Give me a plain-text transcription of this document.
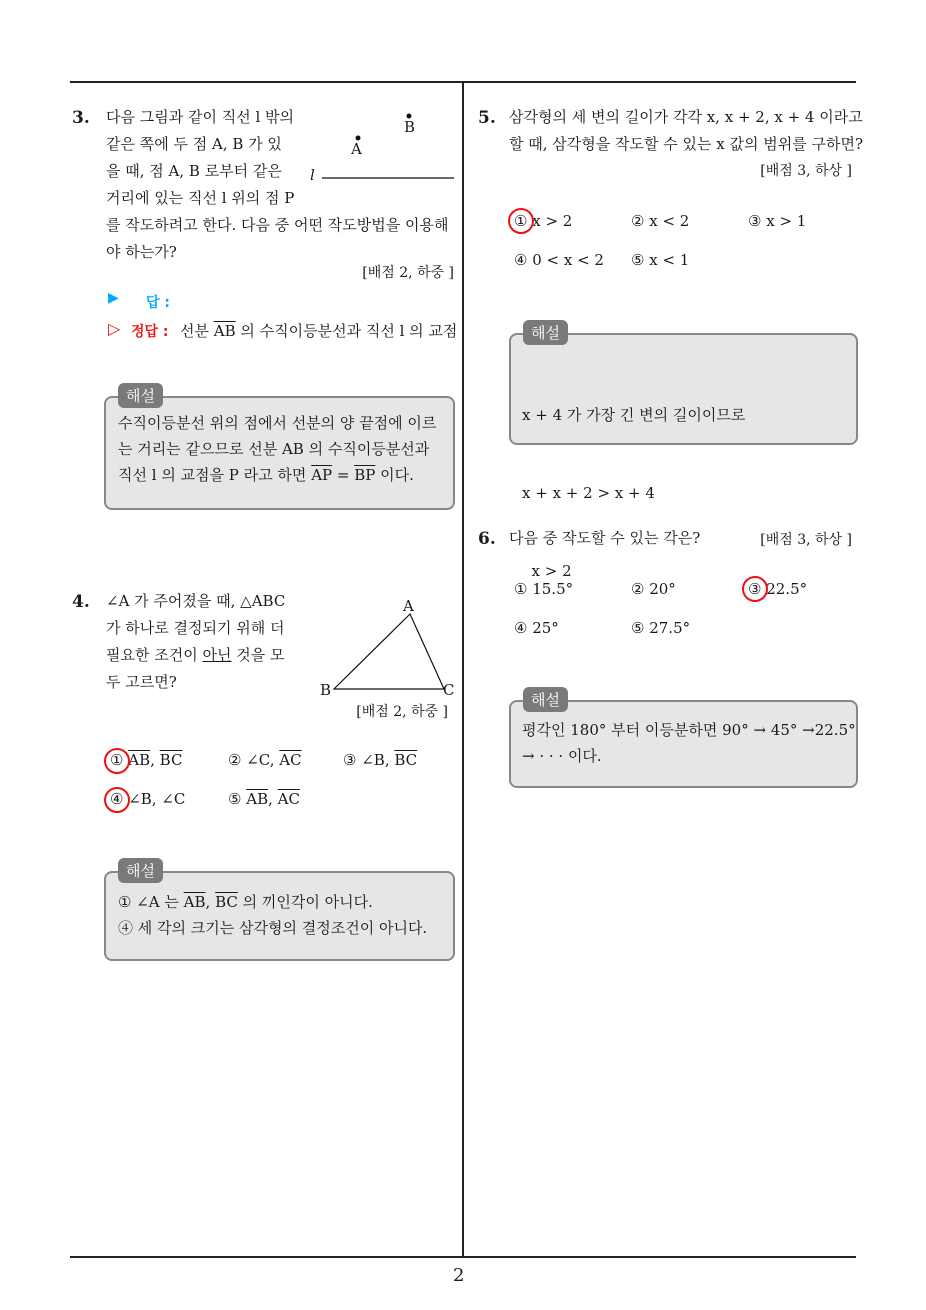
3. 다음 그림과 같이 직선 l 밖의
같은 쪽에 두 점 A, B 가 있
을 때, 점 A, B 로부터 같은
거리에 있는 직선 l 위의 점 P
를 작도하려고 한다. 다음 중 어떤 작도방법을 이용해
야 하는가?
B
A
l
[배점 2, 하중 ]
▶ 답 :
▷ 정답 : 선분 $\overline{AB}$ 의 수직이등분선과 직선 l 의 교점
해설
수직이등분선 위의 점에서 선분의 양 끝점에 이르
는 거리는 같으므로 선분 AB 의 수직이등분선과
직선 l 의 교점을 P 라고 하면 $\overline{AP} = \overline{BP}$ 이다.
4. ∠A 가 주어졌을 때, △ABC
가 하나로 결정되기 위해 더
필요한 조건이 아닌 것을 모
두 고르면?
A
B	C
[배점 2, 하중 ]
① $\overline{AB}$, $\overline{BC}$	② ∠C, $\overline{AC}$	③ ∠B, $\overline{BC}$
④ ∠B, ∠C	⑤ $\overline{AB}$, $\overline{AC}$
해설
① ∠A 는 $\overline{AB}$, $\overline{BC}$ 의 끼인각이 아니다.
④ 세 각의 크기는 삼각형의 결정조건이 아니다.
5. 삼각형의 세 변의 길이가 각각 x, x + 2, x + 4 이라고
할 때, 삼각형을 작도할 수 있는 x 값의 범위를 구하면?
[배점 3, 하상 ]
① x > 2	② x < 2	③ x > 1
④ 0 < x < 2 ⑤ x < 1
해설

x + 4 가 가장 긴 변의 길이이므로

x + x + 2 > x + 4

x > 2

6. 다음 중 작도할 수 있는 각은?	[배점 3, 하상 ]
① 15.5°	② 20°	③ 22.5°
④ 25°	⑤ 27.5°
해설
평각인 180° 부터 이등분하면 90° → 45° →22.5°
→ · · · 이다.
2
